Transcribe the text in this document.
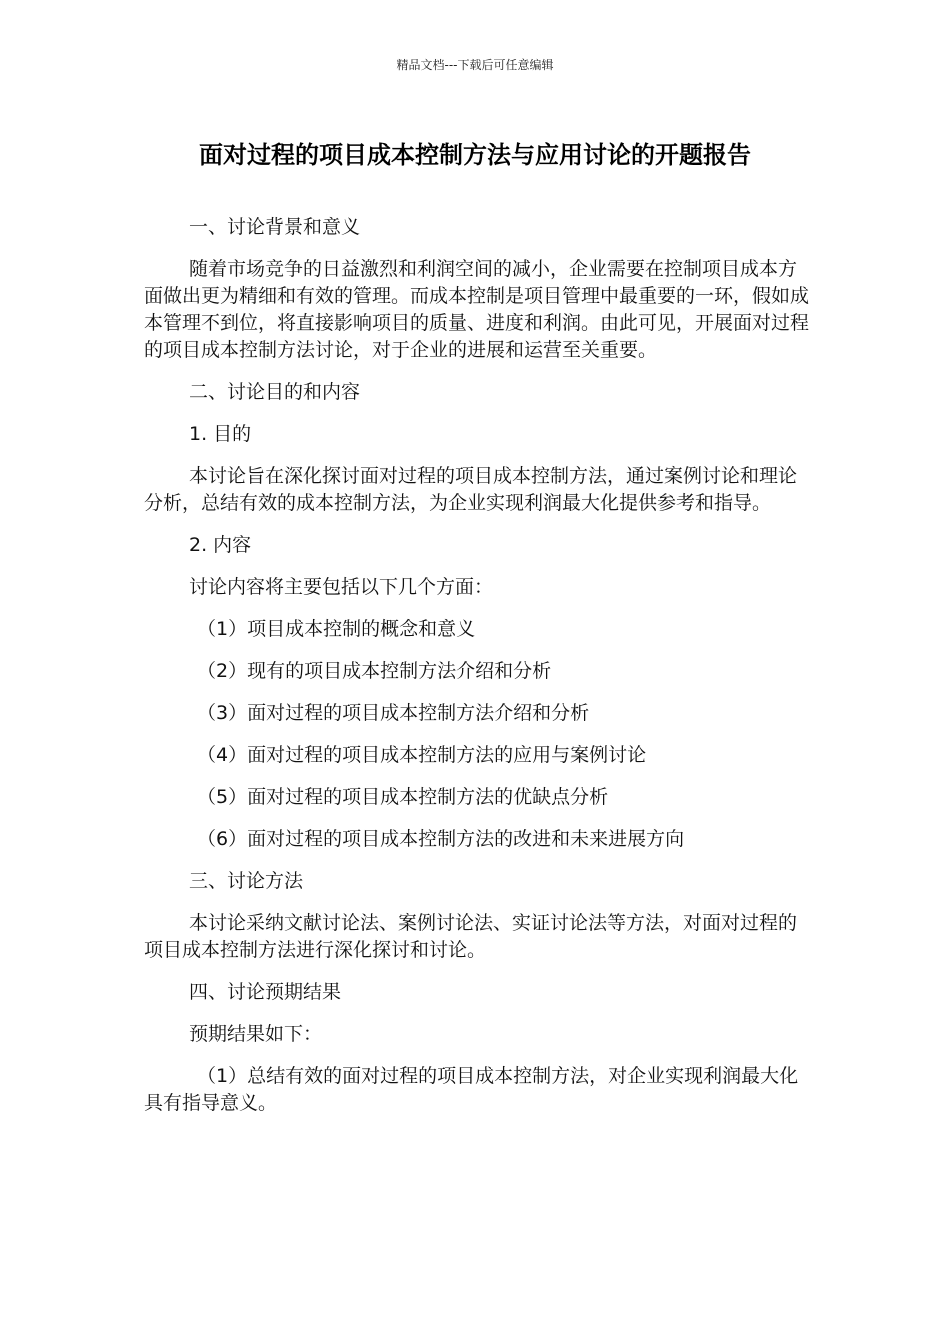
精品文档---下载后可任意编辑
面对过程的项目成本控制方法与应用讨论的开题报告

一、讨论背景和意义

随着市场竞争的日益激烈和利润空间的减小，企业需要在控制项目成本方面做出更为精细和有效的管理。而成本控制是项目管理中最重要的一环，假如成本管理不到位，将直接影响项目的质量、进度和利润。由此可见，开展面对过程的项目成本控制方法讨论，对于企业的进展和运营至关重要。

二、讨论目的和内容

1. 目的

本讨论旨在深化探讨面对过程的项目成本控制方法，通过案例讨论和理论分析，总结有效的成本控制方法，为企业实现利润最大化提供参考和指导。

2. 内容

讨论内容将主要包括以下几个方面：

（1）项目成本控制的概念和意义

（2）现有的项目成本控制方法介绍和分析

（3）面对过程的项目成本控制方法介绍和分析

（4）面对过程的项目成本控制方法的应用与案例讨论

（5）面对过程的项目成本控制方法的优缺点分析

（6）面对过程的项目成本控制方法的改进和未来进展方向

三、讨论方法

本讨论采纳文献讨论法、案例讨论法、实证讨论法等方法，对面对过程的项目成本控制方法进行深化探讨和讨论。

四、讨论预期结果

预期结果如下：

（1）总结有效的面对过程的项目成本控制方法，对企业实现利润最大化具有指导意义。
